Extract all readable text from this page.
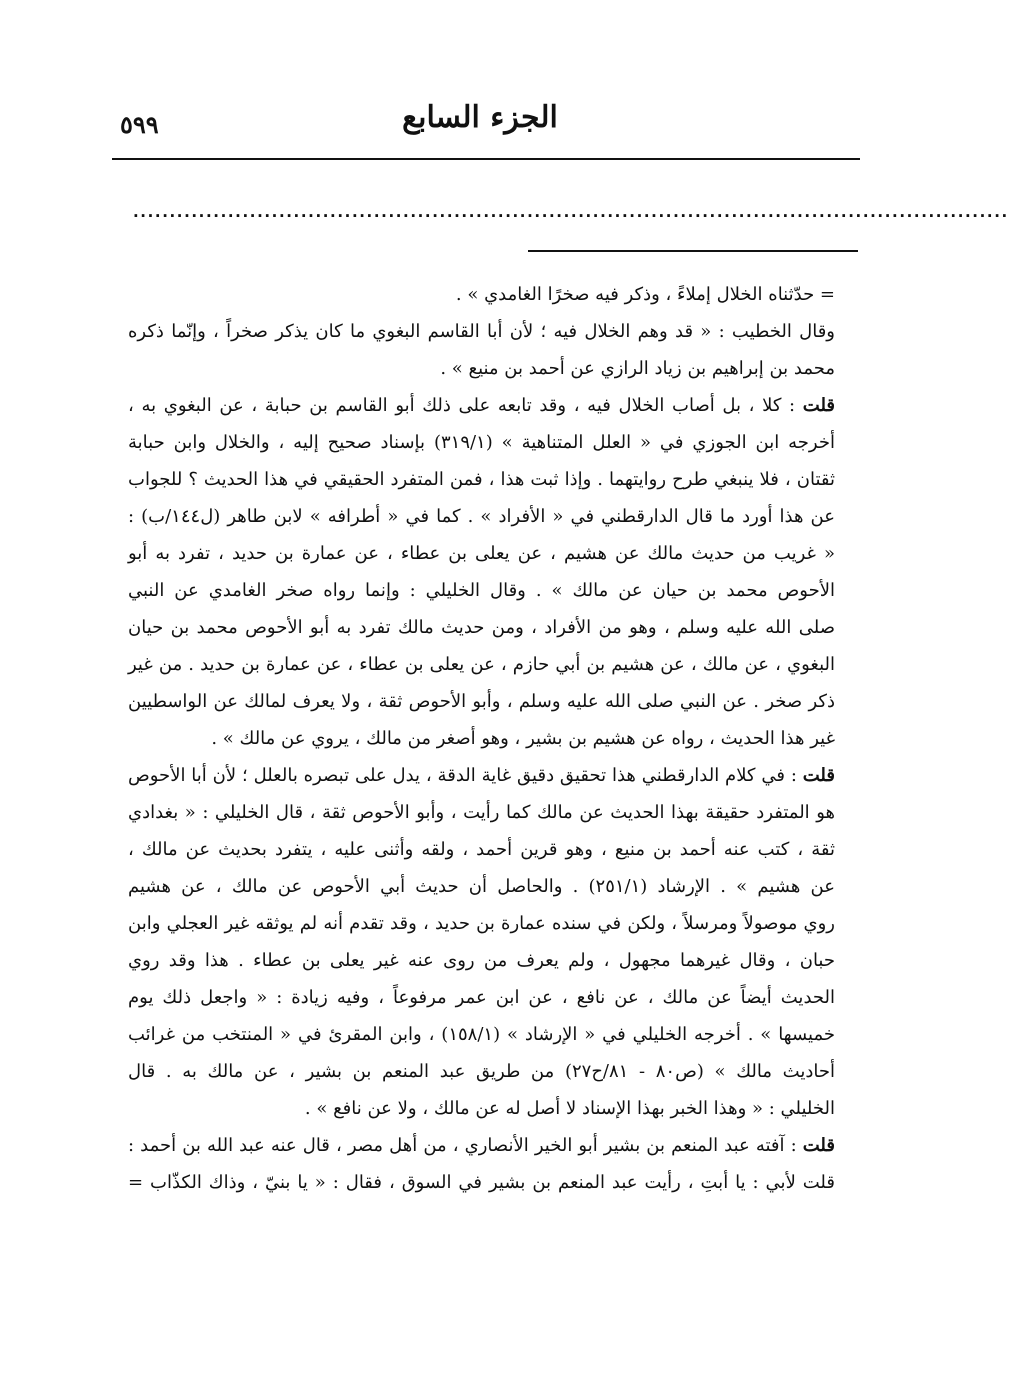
٥٩٩	الجزء السابع
........................................................................................................................
= حدّثناه الخلال إملاءً ، وذكر فيه صخرًا الغامدي » .
وقال الخطيب : « قد وهم الخلال فيه ؛ لأن أبا القاسم البغوي ما كان يذكر صخراً ، وإنّما ذكره
محمد بن إبراهيم بن زياد الرازي عن أحمد بن منيع » .
قلت : كلا ، بل أصاب الخلال فيه ، وقد تابعه على ذلك أبو القاسم بن حبابة ، عن البغوي به ،
أخرجه ابن الجوزي في « العلل المتناهية » (٣١٩/١) بإسناد صحيح إليه ، والخلال وابن حبابة
ثقتان ، فلا ينبغي طرح روايتهما . وإذا ثبت هذا ، فمن المتفرد الحقيقي في هذا الحديث ؟ للجواب
عن هذا أورد ما قال الدارقطني في « الأفراد » . كما في « أطرافه » لابن طاهر (ل١٤٤/ب) :
« غريب من حديث مالك عن هشيم ، عن يعلى بن عطاء ، عن عمارة بن حديد ، تفرد به أبو
الأحوص محمد بن حيان عن مالك » . وقال الخليلي : وإنما رواه صخر الغامدي عن النبي
صلى الله عليه وسلم ، وهو من الأفراد ، ومن حديث مالك تفرد به أبو الأحوص محمد بن حيان
البغوي ، عن مالك ، عن هشيم بن أبي حازم ، عن يعلى بن عطاء ، عن عمارة بن حديد . من غير
ذكر صخر . عن النبي صلى الله عليه وسلم ، وأبو الأحوص ثقة ، ولا يعرف لمالك عن الواسطيين
غير هذا الحديث ، رواه عن هشيم بن بشير ، وهو أصغر من مالك ، يروي عن مالك » .
قلت : في كلام الدارقطني هذا تحقيق دقيق غاية الدقة ، يدل على تبصره بالعلل ؛ لأن أبا الأحوص
هو المتفرد حقيقة بهذا الحديث عن مالك كما رأيت ، وأبو الأحوص ثقة ، قال الخليلي : « بغدادي
ثقة ، كتب عنه أحمد بن منيع ، وهو قرين أحمد ، ولقه وأثنى عليه ، يتفرد بحديث عن مالك ،
عن هشيم » . الإرشاد (٢٥١/١) . والحاصل أن حديث أبي الأحوص عن مالك ، عن هشيم
روي موصولاً ومرسلاً ، ولكن في سنده عمارة بن حديد ، وقد تقدم أنه لم يوثقه غير العجلي وابن
حبان ، وقال غيرهما مجهول ، ولم يعرف من روى عنه غير يعلى بن عطاء . هذا وقد روي
الحديث أيضاً عن مالك ، عن نافع ، عن ابن عمر مرفوعاً ، وفيه زيادة : « واجعل ذلك يوم
خميسها » . أخرجه الخليلي في « الإرشاد » (١٥٨/١) ، وابن المقرئ في « المنتخب من غرائب
أحاديث مالك » (ص٨٠ - ٨١/ح٢٧) من طريق عبد المنعم بن بشير ، عن مالك به . قال
الخليلي : « وهذا الخبر بهذا الإسناد لا أصل له عن مالك ، ولا عن نافع » .
قلت : آفته عبد المنعم بن بشير أبو الخير الأنصاري ، من أهل مصر ، قال عنه عبد الله بن أحمد :
قلت لأبي : يا أبتِ ، رأيت عبد المنعم بن بشير في السوق ، فقال : « يا بنيّ ، وذاك الكذّاب =
